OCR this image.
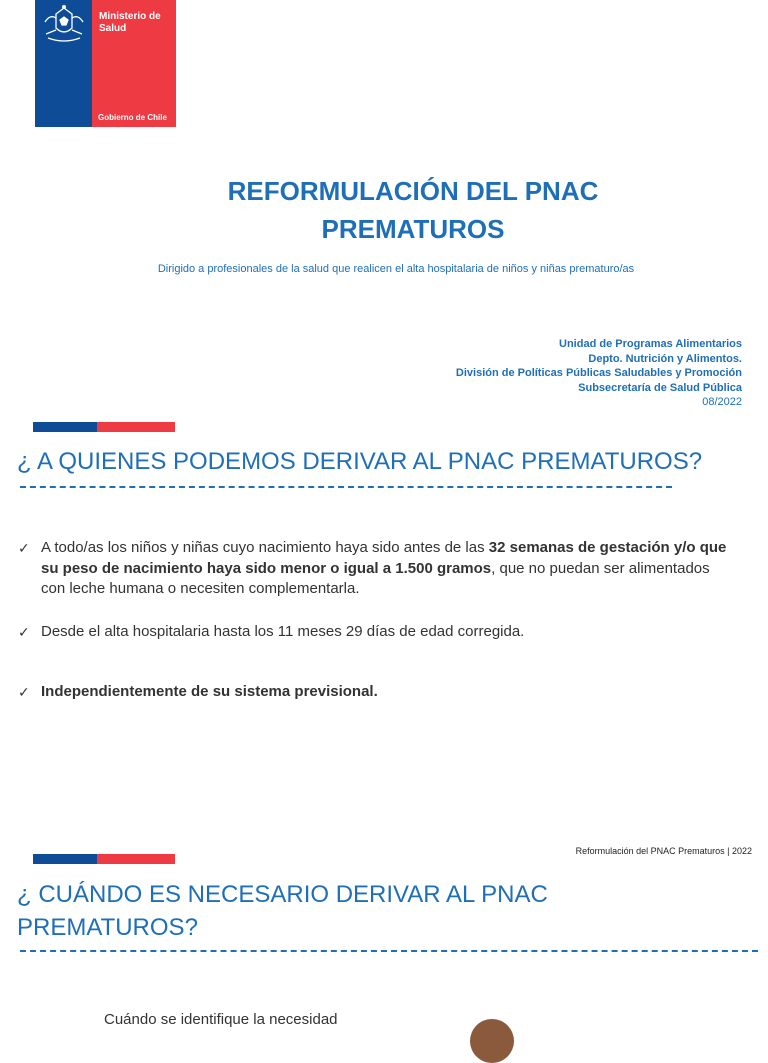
Ministerio de
Salud
Gobierno de Chile
REFORMULACIÓN DEL PNAC
PREMATUROS
Dirigido a profesionales de la salud que realicen el alta hospitalaria de niños y niñas prematuro/as
Unidad de Programas Alimentarios
Depto. Nutrición y Alimentos.
División de Políticas Públicas Saludables y Promoción
Subsecretaría de Salud Pública
08/2022
¿ A QUIENES PODEMOS DERIVAR AL PNAC PREMATUROS?
✓ A todo/as los niños y niñas cuyo nacimiento haya sido antes de las 32 semanas de gestación y/o que su peso de nacimiento haya sido menor o igual a 1.500 gramos, que no puedan ser alimentados con leche humana o necesiten complementarla.
✓ Desde el alta hospitalaria hasta los 11 meses 29 días de edad corregida.
✓ Independientemente de su sistema previsional.
Reformulación del PNAC Prematuros | 2022
¿ CUÁNDO ES NECESARIO DERIVAR AL PNAC
PREMATUROS?
Cuándo se identifique la necesidad
